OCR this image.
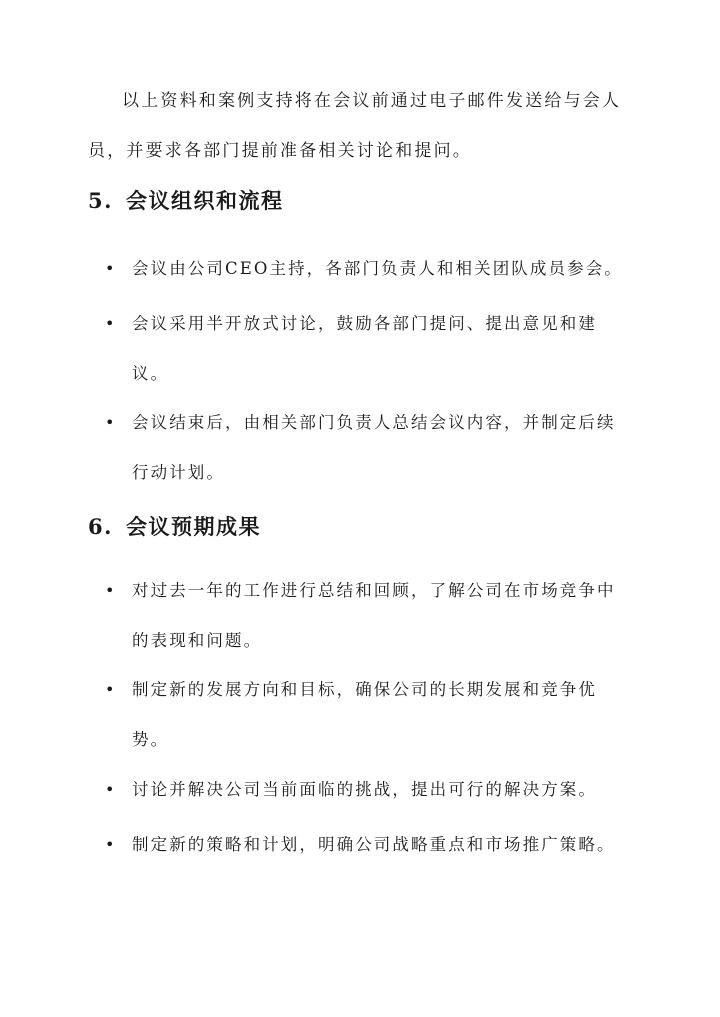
以上资料和案例支持将在会议前通过电子邮件发送给与会人员，并要求各部门提前准备相关讨论和提问。

5. 会议组织和流程
• 会议由公司CEO主持，各部门负责人和相关团队成员参会。
• 会议采用半开放式讨论，鼓励各部门提问、提出意见和建议。
• 会议结束后，由相关部门负责人总结会议内容，并制定后续行动计划。
6. 会议预期成果
• 对过去一年的工作进行总结和回顾，了解公司在市场竞争中的表现和问题。
• 制定新的发展方向和目标，确保公司的长期发展和竞争优势。
• 讨论并解决公司当前面临的挑战，提出可行的解决方案。
• 制定新的策略和计划，明确公司战略重点和市场推广策略。
